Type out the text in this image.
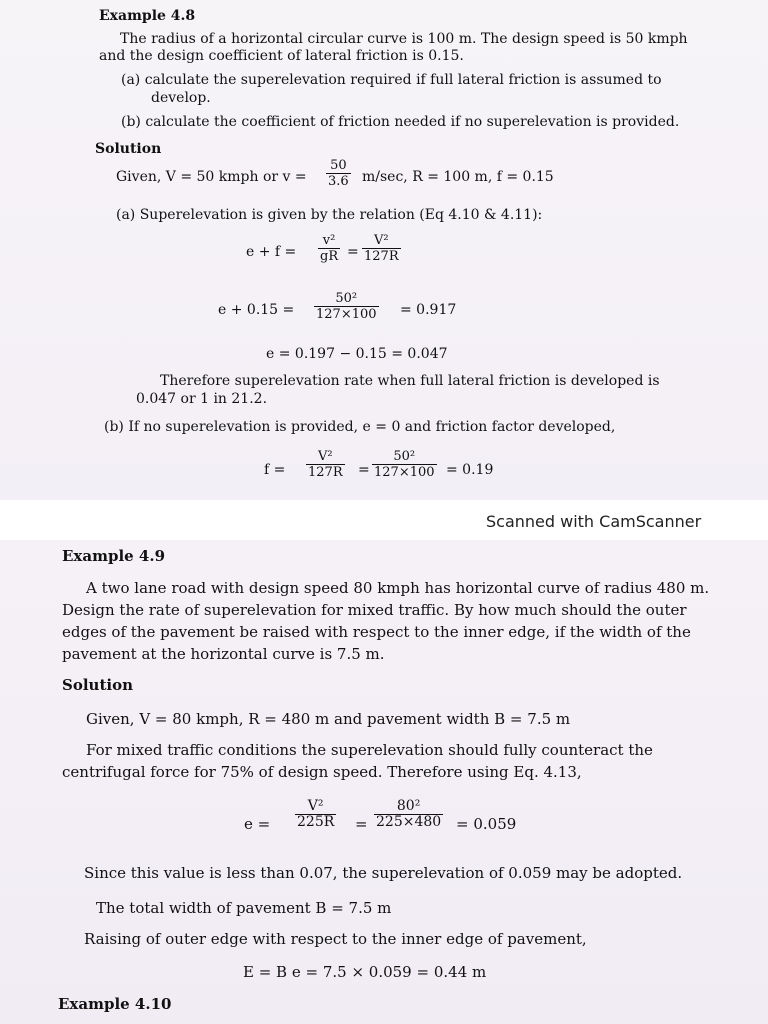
Example 4.8
The radius of a horizontal circular curve is 100 m. The design speed is 50 kmph
and the design coefficient of lateral friction is 0.15.
(a) calculate the superelevation required if full lateral friction is assumed to
develop.
(b) calculate the coefficient of friction needed if no superelevation is provided.
Solution
Given, V = 50 kmph or $v = \frac{50}{3.6} m/\sec$, R = 100 m, f = 0.15
(a) Superelevation is given by the relation (Eq 4.10 & 4.11):
$e + f = \frac{\text{v²}}{gR} = \frac{\text{V²}}{127R}$
$e + 0.15 = \frac{\text{50²}}{127\times 100} = 0.917$
e = 0.197 − 0.15 = 0.047
Therefore superelevation rate when full lateral friction is developed is
0.047 or 1 in 21.2.
(b) If no superelevation is provided, e = 0 and friction factor developed,
$f = \frac{\text{V²}}{127R} = \frac{\text{50²}}{127\times 100} = 0.19$
Scanned with CamScanner
Example 4.9
A two lane road with design speed 80 kmph has horizontal curve of radius 480 m.
Design the rate of superelevation for mixed traffic. By how much should the outer
edges of the pavement be raised with respect to the inner edge, if the width of the
pavement at the horizontal curve is 7.5 m.
Solution
Given, V = 80 kmph, R = 480 m and pavement width B = 7.5 m
For mixed traffic conditions the superelevation should fully counteract the
centrifugal force for 75% of design speed. Therefore using Eq. 4.13,
$e = \frac{\text{V²}}{225R} = \frac{\text{80²}}{225\times 480} = 0.059$
Since this value is less than 0.07, the superelevation of 0.059 may be adopted.
The total width of pavement B = 7.5 m
Raising of outer edge with respect to the inner edge of pavement,
E = B e = 7.5 × 0.059 = 0.44 m
Example 4.10
